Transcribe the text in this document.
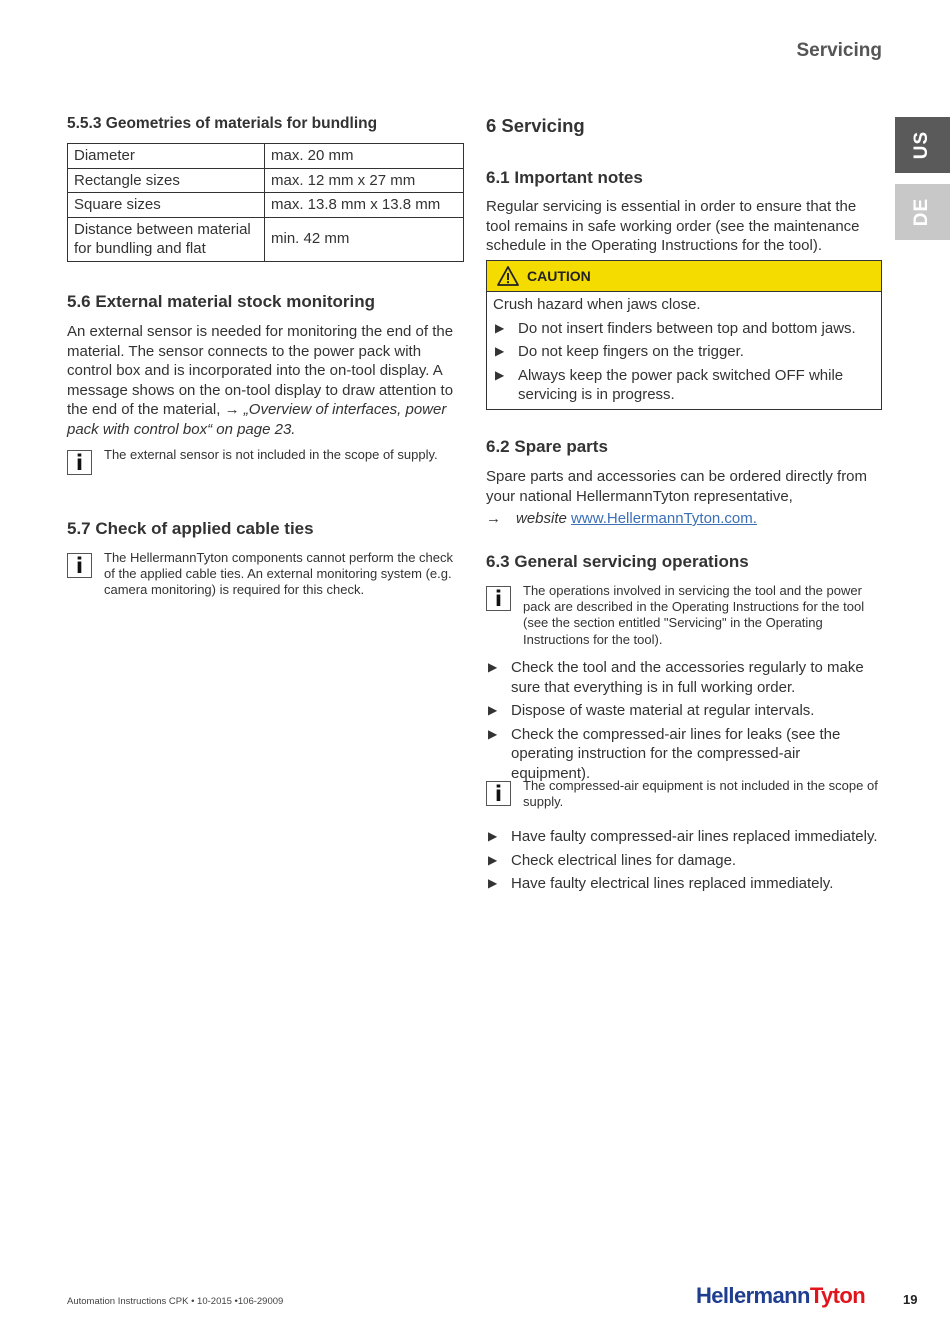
Servicing
US
DE
5.5.3 Geometries of materials for bundling
Diameter	max. 20 mm
Rectangle sizes	max. 12 mm x 27 mm
Square sizes	max. 13.8 mm x 13.8 mm
Distance between material for bundling and flat	min. 42 mm
5.6 External material stock monitoring

An external sensor is needed for monitoring the end of the material. The sensor connects to the power pack with control box and is incorporated into the on-tool display. A message shows on the on-tool display to draw attention to the end of the material, → „Overview of interfaces, power pack with control box“ on page 23.

i	The external sensor is not included in the scope of supply.
5.7 Check of applied cable ties
i	The HellermannTyton components cannot perform the check of the applied cable ties. An external monitoring system (e.g. camera monitoring) is required for this check.
6 Servicing
6.1 Important notes

Regular servicing is essential in order to ensure that the tool remains in safe working order (see the maintenance schedule in the Operating Instructions for the tool).

CAUTION
Crush hazard when jaws close.
▶ Do not insert finders between top and bottom jaws.
▶ Do not keep fingers on the trigger.
▶ Always keep the power pack switched OFF while servicing is in progress.
6.2 Spare parts

Spare parts and accessories can be ordered directly from your national HellermannTyton representative,

→ website www.HellermannTyton.com.
6.3 General servicing operations
i	The operations involved in servicing the tool and the power pack are described in the Operating Instructions for the tool (see the section entitled "Servicing" in the Operating Instructions for the tool).
▶ Check the tool and the accessories regularly to make sure that everything is in full working order.
▶ Dispose of waste material at regular intervals.
▶ Check the compressed-air lines for leaks (see the operating instruction for the compressed-air equipment).
i	The compressed-air equipment is not included in the scope of supply.
▶ Have faulty compressed-air lines replaced immediately.
▶ Check electrical lines for damage.
▶ Have faulty electrical lines replaced immediately.
Automation Instructions CPK • 10-2015 •106-29009	HellermannTyton	19
